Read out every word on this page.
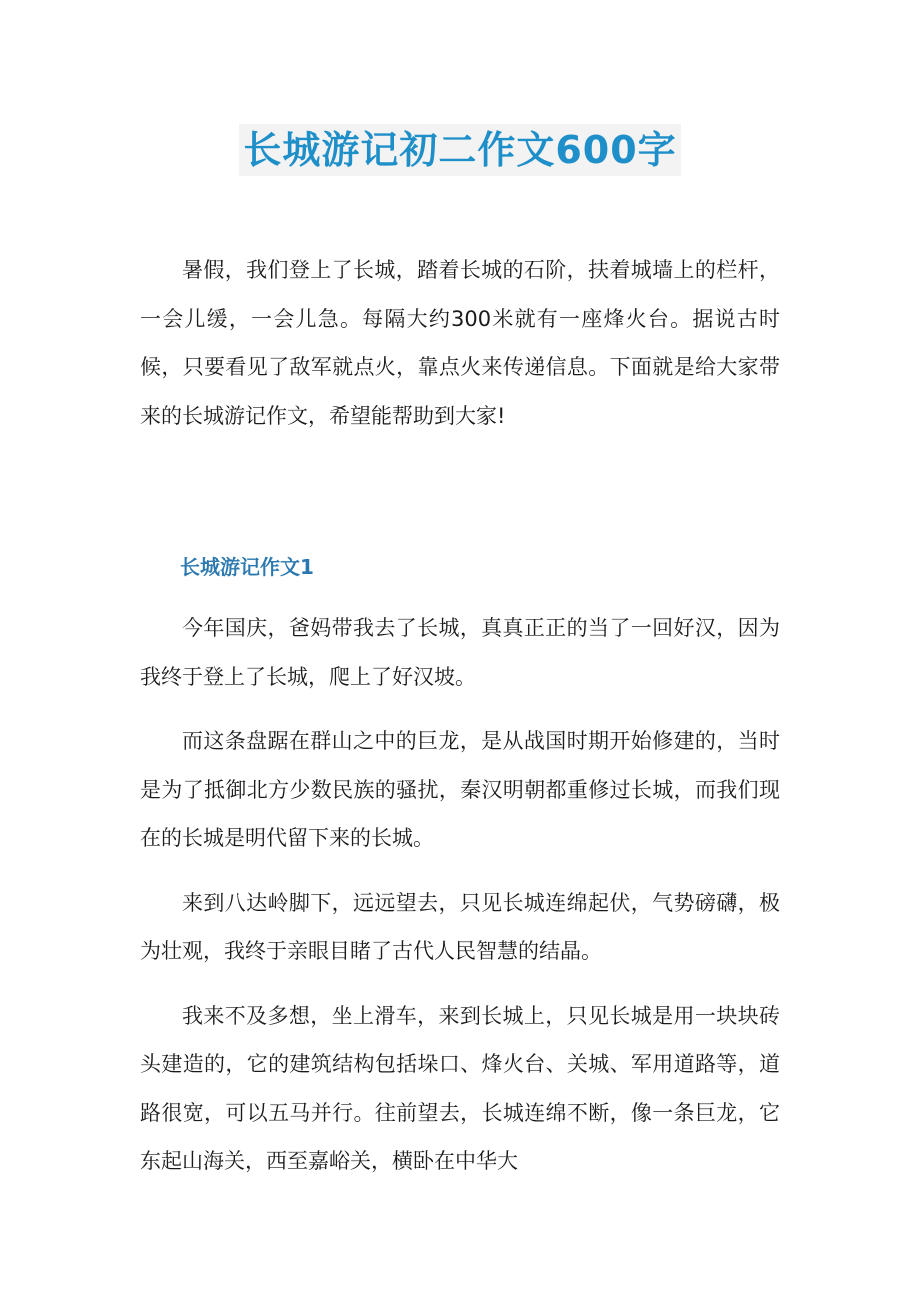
长城游记初二作文600字

暑假，我们登上了长城，踏着长城的石阶，扶着城墙上的栏杆，一会儿缓，一会儿急。每隔大约300米就有一座烽火台。据说古时候，只要看见了敌军就点火，靠点火来传递信息。下面就是给大家带来的长城游记作文，希望能帮助到大家!

长城游记作文1

今年国庆，爸妈带我去了长城，真真正正的当了一回好汉，因为我终于登上了长城，爬上了好汉坡。

而这条盘踞在群山之中的巨龙，是从战国时期开始修建的，当时是为了抵御北方少数民族的骚扰，秦汉明朝都重修过长城，而我们现在的长城是明代留下来的长城。

来到八达岭脚下，远远望去，只见长城连绵起伏，气势磅礴，极为壮观，我终于亲眼目睹了古代人民智慧的结晶。

我来不及多想，坐上滑车，来到长城上，只见长城是用一块块砖头建造的，它的建筑结构包括垛口、烽火台、关城、军用道路等，道路很宽，可以五马并行。往前望去，长城连绵不断，像一条巨龙，它东起山海关，西至嘉峪关，横卧在中华大
